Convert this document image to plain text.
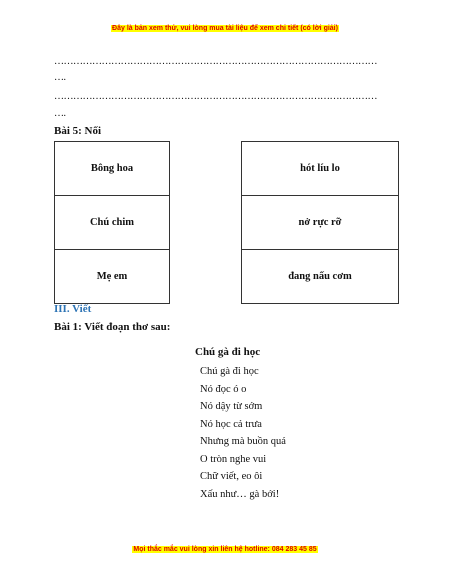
Đây là bản xem thử, vui lòng mua tài liệu để xem chi tiết (có lời giải)
…………………………………………………………………………………………
….
…………………………………………………………………………………………
….
Bài 5: Nối
Bông hoa
Chú chim
Mẹ em
hót líu lo
nở rực rỡ
đang nấu cơm
III. Viết
Bài 1: Viết đoạn thơ sau:
Chú gà đi học
Chú gà đi học
Nó đọc ó o
Nó dậy từ sớm
Nó học cả trưa
Nhưng mà buồn quá
O tròn nghe vui
Chữ viết, eo ôi
Xấu như… gà bới!
Mọi thắc mắc vui lòng xin liên hệ hotline: 084 283 45 85
